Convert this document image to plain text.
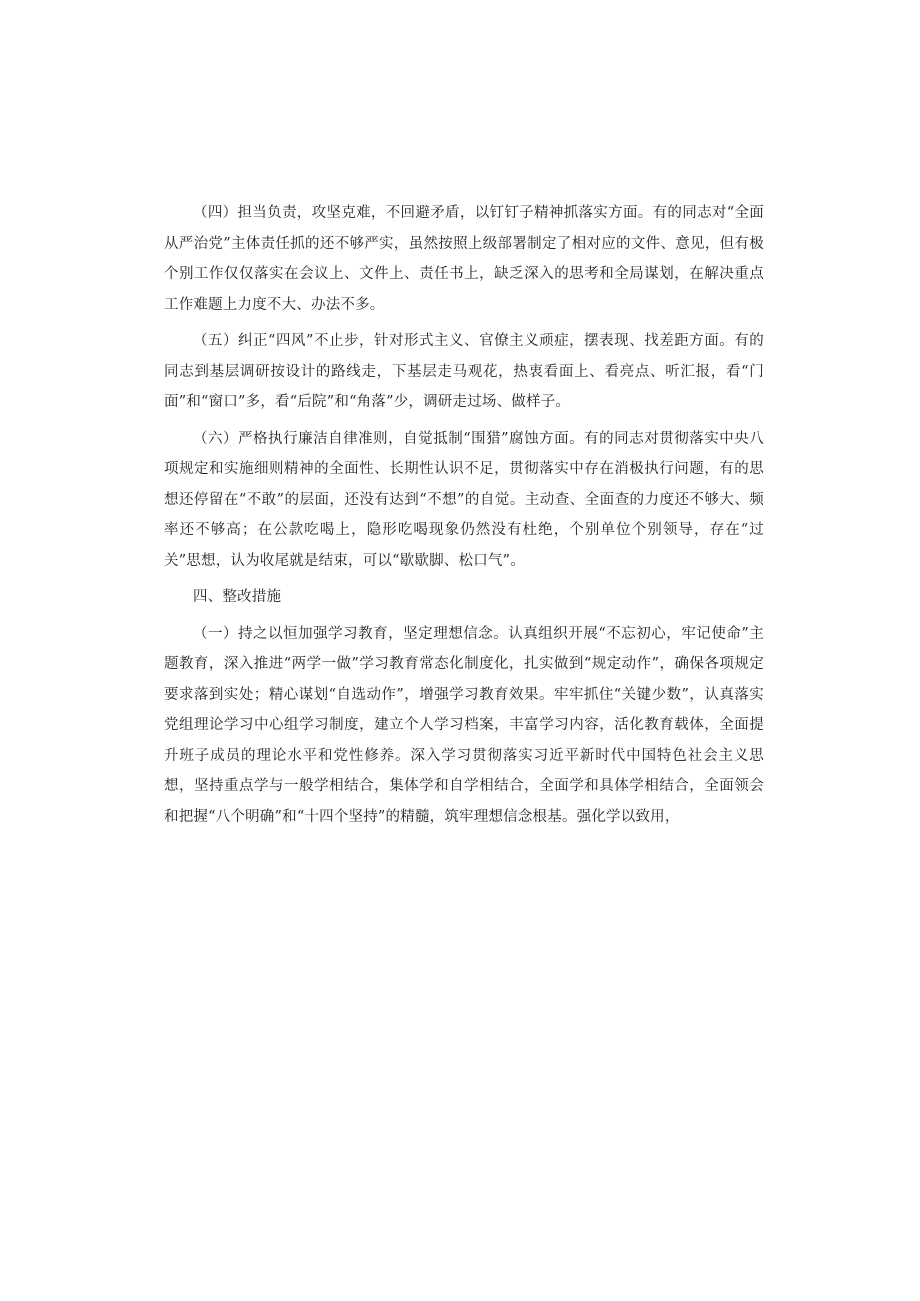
（四）担当负责，攻坚克难，不回避矛盾，以钉钉子精神抓落实方面。有的同志对“全面从严治党”主体责任抓的还不够严实，虽然按照上级部署制定了相对应的文件、意见，但有极个别工作仅仅落实在会议上、文件上、责任书上，缺乏深入的思考和全局谋划，在解决重点工作难题上力度不大、办法不多。

（五）纠正“四风”不止步，针对形式主义、官僚主义顽症，摆表现、找差距方面。有的同志到基层调研按设计的路线走，下基层走马观花，热衷看面上、看亮点、听汇报，看“门面”和“窗口”多，看“后院”和“角落”少，调研走过场、做样子。

（六）严格执行廉洁自律准则，自觉抵制“围猎”腐蚀方面。有的同志对贯彻落实中央八项规定和实施细则精神的全面性、长期性认识不足，贯彻落实中存在消极执行问题，有的思想还停留在“不敢”的层面，还没有达到“不想”的自觉。主动查、全面查的力度还不够大、频率还不够高；在公款吃喝上，隐形吃喝现象仍然没有杜绝，个别单位个别领导，存在“过关”思想，认为收尾就是结束，可以“歇歇脚、松口气”。

四、整改措施

（一）持之以恒加强学习教育，坚定理想信念。认真组织开展“不忘初心，牢记使命”主题教育，深入推进“两学一做”学习教育常态化制度化，扎实做到“规定动作”，确保各项规定要求落到实处；精心谋划“自选动作”，增强学习教育效果。牢牢抓住“关键少数”，认真落实党组理论学习中心组学习制度，建立个人学习档案，丰富学习内容，活化教育载体，全面提升班子成员的理论水平和党性修养。深入学习贯彻落实习近平新时代中国特色社会主义思想，坚持重点学与一般学相结合，集体学和自学相结合，全面学和具体学相结合，全面领会和把握“八个明确”和“十四个坚持”的精髓，筑牢理想信念根基。强化学以致用，
